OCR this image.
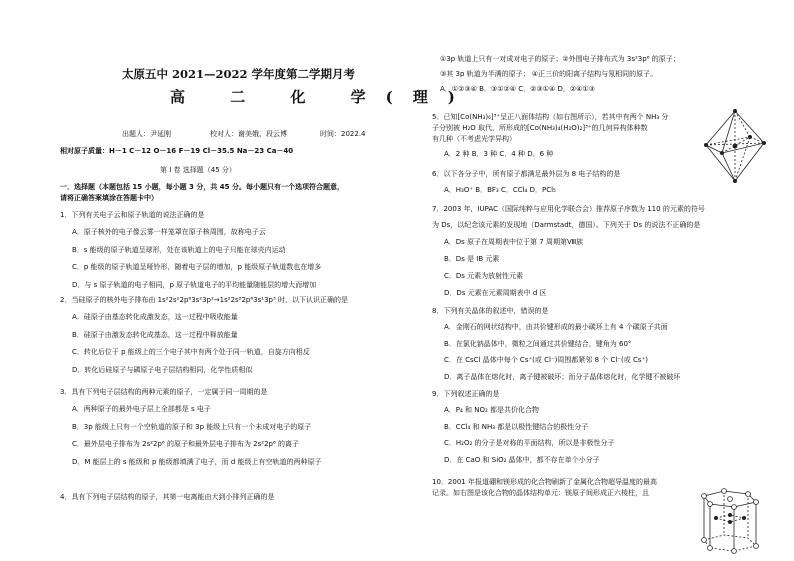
太原五中 2021—2022 学年度第二学期月考
高 二 化 学(理)
出题人：尹延刚	校对人：谢美娥、段云博	时间：2022.4
相对原子质量：H－1 C－12 O－16 F－19 Cl－35.5 Na－23 Ca－40
第 I 卷 选择题（45 分）
一．选择题（本题包括 15 小题，每小题 3 分，共 45 分。每小题只有一个选项符合题意，
请将正确答案填涂在答题卡中）
1．下列有关电子云和原子轨道的说法正确的是
A．原子核外的电子像云雾一样笼罩在原子核周围，故称电子云
B．s 能级的原子轨道呈球形，处在该轨道上的电子只能在球壳内运动
C．p 能级的原子轨道呈哑铃形，随着电子层的增加，p 能级原子轨道数也在增多
D．与 s 原子轨道的电子相同，p 原子轨道电子的平均能量随能层的增大而增加
2．当硅原子的核外电子排布由 1s²2s²2p⁶3s²3p²→1s²2s²2p⁶3s¹3p³ 时，以下认识正确的是
A．硅原子由基态转化成激发态，这一过程中吸收能量
B．硅原子由激发态转化成基态，这一过程中释放能量
C．转化后位于 p 能级上的三个电子其中有两个处于同一轨道，自旋方向相反
D．转化后硅原子与磷原子电子层结构相同，化学性质相似
3．具有下列电子层结构的两种元素的原子，一定属于同一周期的是
A．两种原子的最外电子层上全部都是 s 电子
B．3p 能级上只有一个空轨道的原子和 3p 能级上只有一个未成对电子的原子
C．最外层电子排布为 2s²2p⁶ 的原子和最外层电子排布为 2s²2p⁶ 的离子
D．M 能层上的 s 能级和 p 能级都填满了电子，而 d 能级上有空轨道的两种原子
4．具有下列电子层结构的原子，其第一电离能由大到小排列正确的是
①3p 轨道上只有一对成对电子的原子；②外围电子排布式为 3s²3p⁶ 的原子；
③其 3p 轨道为半满的原子； ④正三价的阳离子结构与氖相同的原子。
A．①②③④ B．③①②④ C．②③①④ D．②④①③
5．已知[Co(NH₃)₆]³⁺呈正八面体结构（如右图所示），若其中有两个 NH₃ 分
子分别被 H₂O 取代，所形成的[Co(NH₃)₄(H₂O)₂]³⁺的几何异构体种数
有几种（不考虑光学异构）
A．2 种 B．3 种 C．4 种 D．6 种
6．以下各分子中，所有原子都满足最外层为 8 电子结构的是
A．H₃O⁺ B．BF₃ C．CCl₄ D．PCl₅
7．2003 年，IUPAC（国际纯粹与应用化学联合会）推荐原子序数为 110 的元素的符号
为 Ds，以纪念该元素的发现地（Darmstadt，德国）。下列关于 Ds 的说法不正确的是
A．Ds 原子在周期表中位于第 7 周期第Ⅷ族
B．Ds 是 IB 元素
C．Ds 元素为放射性元素
D．Ds 元素在元素周期表中 d 区
8．下列有关晶体的叙述中，错误的是
A．金刚石的网状结构中，由共价键形成的最小碳环上有 4 个碳原子共面
B．在氯化钠晶体中，微粒之间通过共价键结合，键角为 60°
C．在 CsCl 晶体中每个 Cs⁺(或 Cl⁻)周围都紧邻 8 个 Cl⁻(或 Cs⁺)
D．离子晶体在熔化时，离子键被破坏；而分子晶体熔化时，化学键不被破坏
9．下列叙述正确的是
A．P₄ 和 NO₂ 都是共价化合物
B．CCl₄ 和 NH₃ 都是以极性键结合的极性分子
C．H₂O₂ 的分子是对称的平面结构，所以是非极性分子
D．在 CaO 和 SiO₂ 晶体中，都不存在单个小分子
10．2001 年报道硼和镁形成的化合物刷新了金属化合物超导温度的最高
记录。如右图是该化合物的晶体结构单元：镁原子间形成正六棱柱，且
